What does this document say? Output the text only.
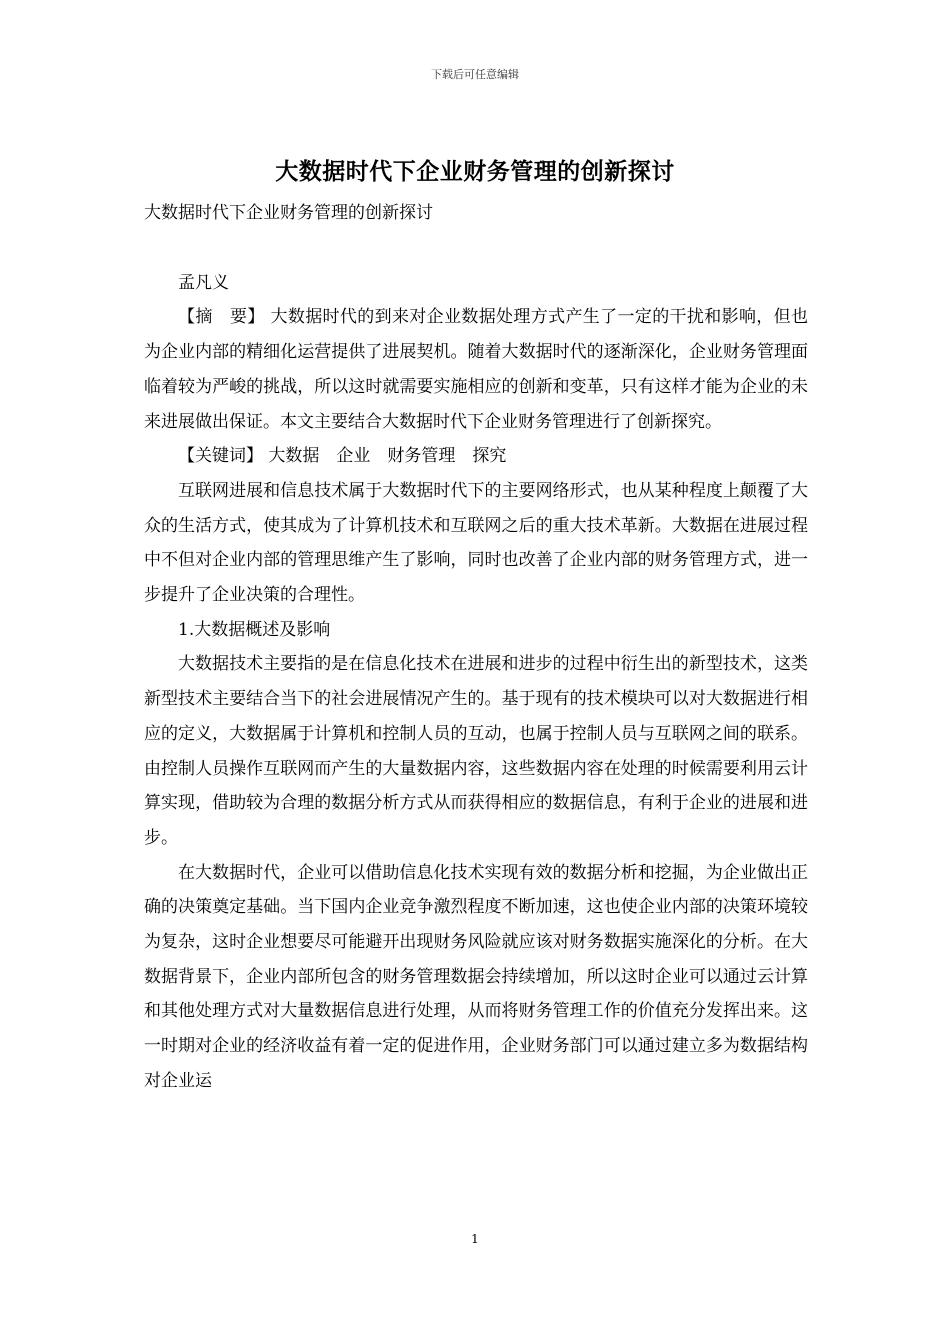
下载后可任意编辑
大数据时代下企业财务管理的创新探讨

大数据时代下企业财务管理的创新探讨

孟凡义

【摘　要】 大数据时代的到来对企业数据处理方式产生了一定的干扰和影响，但也为企业内部的精细化运营提供了进展契机。随着大数据时代的逐渐深化，企业财务管理面临着较为严峻的挑战，所以这时就需要实施相应的创新和变革，只有这样才能为企业的未来进展做出保证。本文主要结合大数据时代下企业财务管理进行了创新探究。

【关键词】 大数据　企业　财务管理　探究

互联网进展和信息技术属于大数据时代下的主要网络形式，也从某种程度上颠覆了大众的生活方式，使其成为了计算机技术和互联网之后的重大技术革新。大数据在进展过程中不但对企业内部的管理思维产生了影响，同时也改善了企业内部的财务管理方式，进一步提升了企业决策的合理性。

1.大数据概述及影响

大数据技术主要指的是在信息化技术在进展和进步的过程中衍生出的新型技术，这类新型技术主要结合当下的社会进展情况产生的。基于现有的技术模块可以对大数据进行相应的定义，大数据属于计算机和控制人员的互动，也属于控制人员与互联网之间的联系。由控制人员操作互联网而产生的大量数据内容，这些数据内容在处理的时候需要利用云计算实现，借助较为合理的数据分析方式从而获得相应的数据信息，有利于企业的进展和进步。

在大数据时代，企业可以借助信息化技术实现有效的数据分析和挖掘，为企业做出正确的决策奠定基础。当下国内企业竞争激烈程度不断加速，这也使企业内部的决策环境较为复杂，这时企业想要尽可能避开出现财务风险就应该对财务数据实施深化的分析。在大数据背景下，企业内部所包含的财务管理数据会持续增加，所以这时企业可以通过云计算和其他处理方式对大量数据信息进行处理，从而将财务管理工作的价值充分发挥出来。这一时期对企业的经济收益有着一定的促进作用，企业财务部门可以通过建立多为数据结构对企业运

1
